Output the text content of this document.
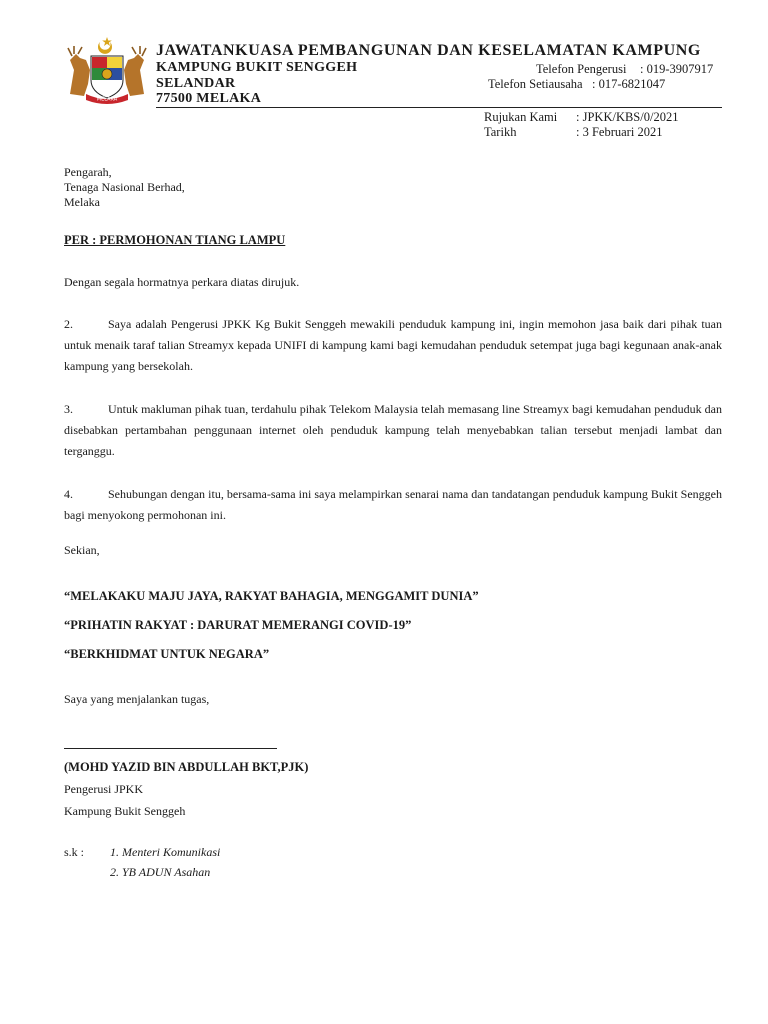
MELAKA
JAWATANKUASA PEMBANGUNAN DAN KESELAMATAN KAMPUNG
KAMPUNG BUKIT SENGGEH
SELANDAR
77500 MELAKA
Telefon Pengerusi : 019-3907917
Telefon Setiausaha : 017-6821047
Rujukan Kami : JPKK/KBS/0/2021
Tarikh	: 3 Februari 2021
Pengarah,
Tenaga Nasional Berhad,
Melaka
PER : PERMOHONAN TIANG LAMPU
Dengan segala hormatnya perkara diatas dirujuk.
2.	Saya adalah Pengerusi JPKK Kg Bukit Senggeh mewakili penduduk kampung ini, ingin memohon jasa baik dari pihak tuan untuk menaik taraf talian Streamyx kepada UNIFI di kampung kami bagi kemudahan penduduk setempat juga bagi kegunaan anak-anak kampung yang bersekolah.
3.	Untuk makluman pihak tuan, terdahulu pihak Telekom Malaysia telah memasang line Streamyx bagi kemudahan penduduk dan disebabkan pertambahan penggunaan internet oleh penduduk kampung telah menyebabkan talian tersebut menjadi lambat dan terganggu.
4.	Sehubungan dengan itu, bersama-sama ini saya melampirkan senarai nama dan tandatangan penduduk kampung Bukit Senggeh bagi menyokong permohonan ini.
Sekian,
“MELAKAKU MAJU JAYA, RAKYAT BAHAGIA, MENGGAMIT DUNIA”
“PRIHATIN RAKYAT : DARURAT MEMERANGI COVID-19”
“BERKHIDMAT UNTUK NEGARA”
Saya yang menjalankan tugas,
(MOHD YAZID BIN ABDULLAH BKT,PJK)
Pengerusi JPKK
Kampung Bukit Senggeh
s.k : 1. Menteri Komunikasi
2. YB ADUN Asahan
